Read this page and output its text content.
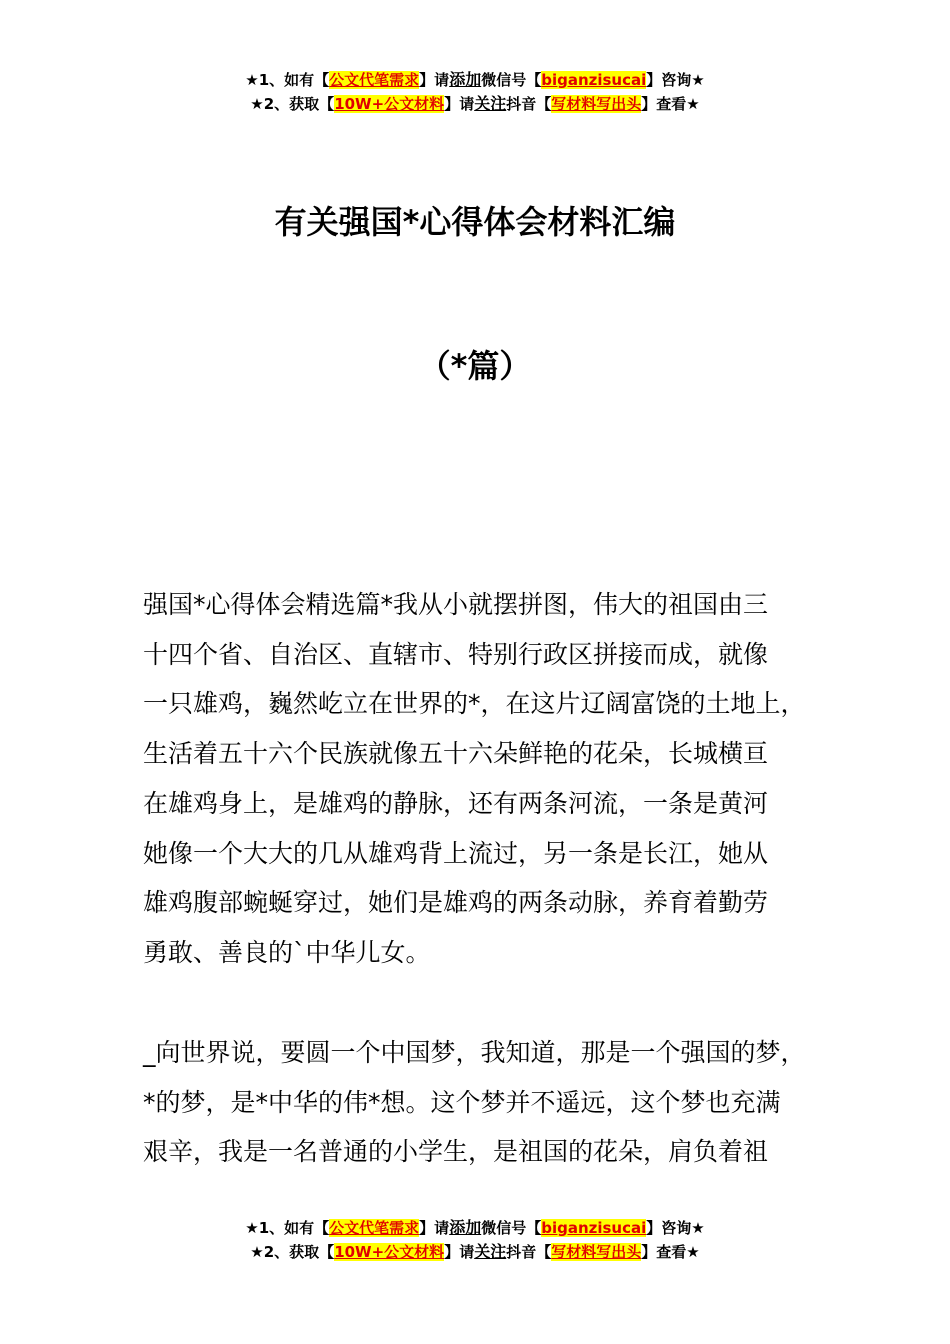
★1、如有【公文代笔需求】请添加微信号【biganzisucai】咨询★
★2、获取【10W+公文材料】请关注抖音【写材料写出头】查看★
有关强国*心得体会材料汇编
（*篇）

强国*心得体会精选篇*我从小就摆拼图，伟大的祖国由三
十四个省、自治区、直辖市、特别行政区拼接而成，就像
一只雄鸡，巍然屹立在世界的*，在这片辽阔富饶的土地上，
生活着五十六个民族就像五十六朵鲜艳的花朵，长城横亘
在雄鸡身上，是雄鸡的静脉，还有两条河流，一条是黄河
她像一个大大的几从雄鸡背上流过，另一条是长江，她从
雄鸡腹部蜿蜒穿过，她们是雄鸡的两条动脉，养育着勤劳
勇敢、善良的`中华儿女。

_向世界说，要圆一个中国梦，我知道，那是一个强国的梦，
*的梦，是*中华的伟*想。这个梦并不遥远，这个梦也充满
艰辛，我是一名普通的小学生，是祖国的花朵，肩负着祖

★1、如有【公文代笔需求】请添加微信号【biganzisucai】咨询★
★2、获取【10W+公文材料】请关注抖音【写材料写出头】查看★
